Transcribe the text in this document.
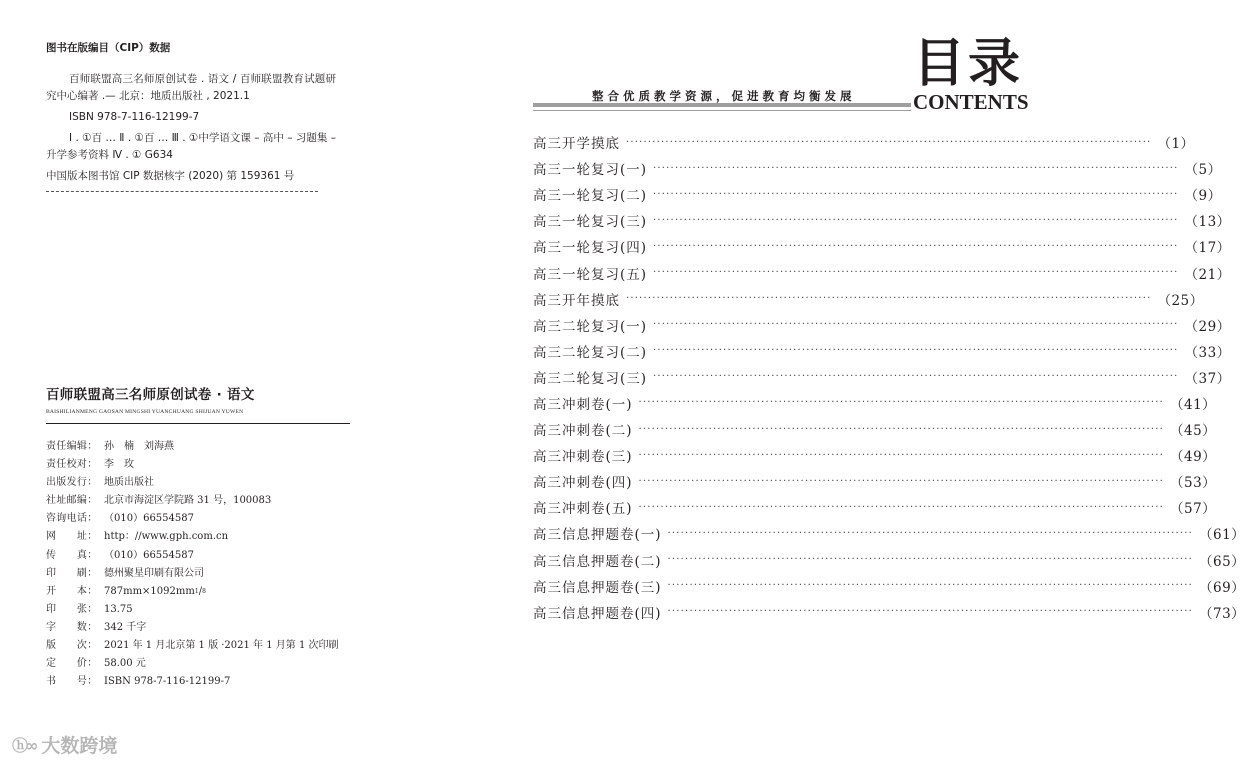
图书在版编目（CIP）数据

百师联盟高三名师原创试卷 . 语文 / 百师联盟教育试题研究中心编著 .— 北京：地质出版社 , 2021.1

ISBN 978-7-116-12199-7

Ⅰ . ①百 … Ⅱ . ①百 … Ⅲ . ①中学语文课 – 高中 – 习题集 – 升学参考资料 Ⅳ . ① G634

中国版本图书馆 CIP 数据核字 (2020) 第 159361 号

百师联盟高三名师原创试卷 · 语文
BAISHILIANMENG GAOSAN MINGSHI YUANCHUANG SHIJUAN YUWEN
责任编辑： 孙　楠　刘海燕
责任校对： 李　玫
出版发行： 地质出版社
社址邮编： 北京市海淀区学院路 31 号，100083
咨询电话： （010）66554587
网　　址： http：//www.gph.com.cn
传　　真： （010）66554587
印　　刷： 德州聚星印刷有限公司
开　　本： 787mm×1092mm 1 / 8
印　　张： 13.75
字　　数： 342 千字
版　　次： 2021 年 1 月北京第 1 版 ·2021 年 1 月第 1 次印刷
定　　价： 58.00 元
书　　号： ISBN 978-7-116-12199-7
ⓗ∞ 大数跨境
目录
CONTENTS
整合优质教学资源，促进教育均衡发展
高三开学摸底 ························································································································ （1）
高三一轮复习(一) ························································································································ （5）
高三一轮复习(二) ························································································································ （9）
高三一轮复习(三) ························································································································ （13）
高三一轮复习(四) ························································································································ （17）
高三一轮复习(五) ························································································································ （21）
高三开年摸底 ························································································································ （25）
高三二轮复习(一) ························································································································ （29）
高三二轮复习(二) ························································································································ （33）
高三二轮复习(三) ························································································································ （37）
高三冲刺卷(一) ························································································································ （41）
高三冲刺卷(二) ························································································································ （45）
高三冲刺卷(三) ························································································································ （49）
高三冲刺卷(四) ························································································································ （53）
高三冲刺卷(五) ························································································································ （57）
高三信息押题卷(一) ························································································································ （61）
高三信息押题卷(二) ························································································································ （65）
高三信息押题卷(三) ························································································································ （69）
高三信息押题卷(四) ························································································································ （73）
